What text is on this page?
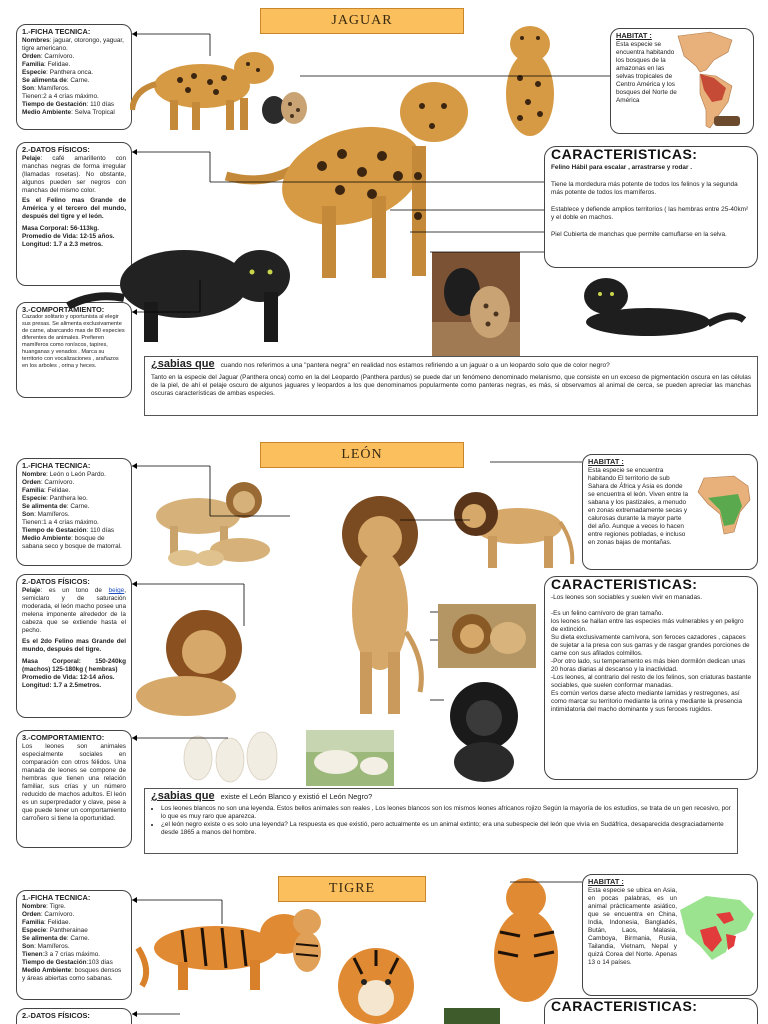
JAGUAR
1.-FICHA TECNICA:
Nombres: jaguar, otorongo, yaguar, tigre americano.
Orden: Carnívoro.
Familia: Felidae.
Especie: Panthera onca.
Se alimenta de: Carne.
Son: Mamíferos.
Tienen:2 a 4 crías máximo.
Tiempo de Gestación: 110 días
Medio Ambiente: Selva Tropical
2.-DATOS FÍSICOS:

Pelaje: café amarillento con manchas negras de forma irregular (llamadas rosetas). No obstante, algunos pueden ser negros con manchas del mismo color.

Es el Felino mas Grande de América y el tercero del mundo, después del tigre y el león.

Masa Corporal: 56-113kg.

Promedio de Vida: 12-15 años.

Longitud: 1.7 a 2.3 metros.

3.-COMPORTAMIENTO:
Cazador solitario y oportunista al elegir sus presas. Se alimenta exclusivamente de carne, abarcando mas de 80 especies diferentes de animales. Prefieren mamíferos como roníscos, tapires, huanganas y venados . Marca su territorio con vocalizaciones , arañazos en los arboles , orina y heces.
HABITAT :
Esta especie se encuentra habitando los bosques de la amazonas en las selvas tropicales de Centro América y los bosques del Norte de América
CARACTERISTICAS:
Felino Hábil para escalar , arrastrarse y rodar .
Tiene la mordedura más potente de todos los felinos y la segunda más potente de todos los mamíferos.
Establece y defiende amplios territorios ( las hembras entre 25-40km² y el doble en machos.
Piel Cubierta de manchas que permite camuflarse en la selva.
¿sabias que cuando nos referimos a una "pantera negra" en realidad nos estamos refiriendo a un jaguar o a un leopardo solo que de color negro?
Tanto en la especie del Jaguar (Panthera onca) como en la del Leopardo (Panthera pardus) se puede dar un fenómeno denominado melanismo, que consiste en un exceso de pigmentación oscura en las células de la piel, de ahí el pelaje oscuro de algunos jaguares y leopardos a los que denominamos popularmente como panteras negras, es más, si observamos al animal de cerca, se pueden apreciar las manchas oscuras características de ambas especies.
LEÓN
1.-FICHA TECNICA:
Nombre: León o León Pardo.
Orden: Carnívoro.
Familia: Felidae.
Especie: Panthera leo.
Se alimenta de: Carne.
Son: Mamíferos.
Tienen:1 a 4 crías máximo.
Tiempo de Gestación: 110 días
Medio Ambiente: bosque de sabana seco y bosque de matorral.
2.-DATOS FÍSICOS:

Pelaje: es un tono de beige, semiclaro y de saturación moderada, el león macho posee una melena imponente alrededor de la cabeza que se extiende hasta el pecho.

Es el 2do Felino mas Grande del mundo, después del tigre.

Masa Corporal: 150-240kg (machos) 125-180kg ( hembras)

Promedio de Vida: 12-14 años.

Longitud: 1.7 a 2.5metros.

3.-COMPORTAMIENTO:
Los leones son animales especialmente sociales en comparación con otros félidos. Una manada de leones se compone de hembras que tienen una relación familiar, sus crías y un número reducido de machos adultos. El león es un superpredador y clave, pese a que puede tener un comportamiento carroñero si tiene la oportunidad.
HABITAT :
Esta especie se encuentra habitando El territorio de sub Sahara de África y Asia es donde se encuentra el león. Viven entre la sabana y los pastizales, a menudo en zonas extremadamente secas y calurosas durante la mayor parte del año. Aunque a veces lo hacen entre regiones pobladas, e incluso en zonas bajas de montañas.
CARACTERISTICAS:
-Los leones son sociables y suelen vivir en manadas.

-Es un felino carnívoro de gran tamaño.
los leones se hallan entre las especies más vulnerables y en peligro de extinción.
Su dieta exclusivamente carnívora, son feroces cazadores , capaces de sujetar a la presa con sus garras y de rasgar grandes porciones de carne con sus afilados colmillos.
-Por otro lado, su temperamento es más bien dormilón dedican unas 20 horas diarias al descanso y la inactividad.
-Los leones, al contrario del resto de los felinos, son criaturas bastante sociables, que suelen conformar manadas.
Es común verlos darse afecto mediante lamidas y restregones, así como marcar su territorio mediante la orina y mediante la presencia intimidatoria del macho dominante y sus feroces rugidos.
¿sabias que existe el León Blanco y existió el León Negro?
• Los leones blancos no son una leyenda. Estos bellos animales son reales , Los leones blancos son los mismos leones africanos rojizo Según la mayoría de los estudios, se trata de un gen recesivo, por lo que es muy raro que aparezca.
• ¿el león negro existe o es solo una leyenda? La respuesta es que existió, pero actualmente es un animal extinto; era una subespecie del león que vivía en Sudáfrica, desaparecida desgraciadamente desde 1865 a manos del hombre.
TIGRE
1.-FICHA TECNICA:
Nombre: Tigre.
Orden: Carnívoro.
Familia: Felidae.
Especie: Pantherainae
Se alimenta de: Carne.
Son: Mamíferos.
Tienen:3 a 7 crías máximo.
Tiempo de Gestación:103 días
Medio Ambiente: bosques densos y áreas abiertas como sabanas.
2.-DATOS FÍSICOS:
HABITAT :
Esta especie se ubica en Asia, en pocas palabras, es un animal prácticamente asiático, que se encuentra en China, India, Indonesia, Bangladés, Bután, Laos, Malasia, Camboya, Birmania, Rusia, Tailandia, Vietnam, Nepal y quizá Corea del Norte. Apenas 13 o 14 países.
CARACTERISTICAS:
